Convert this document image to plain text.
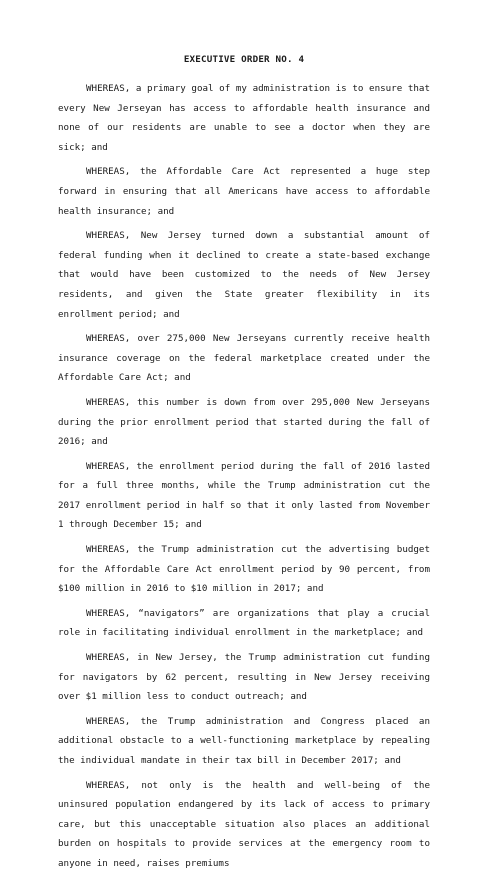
EXECUTIVE ORDER NO. 4

WHEREAS, a primary goal of my administration is to ensure that every New Jerseyan has access to affordable health insurance and none of our residents are unable to see a doctor when they are sick; and

WHEREAS, the Affordable Care Act represented a huge step forward in ensuring that all Americans have access to affordable health insurance; and

WHEREAS, New Jersey turned down a substantial amount of federal funding when it declined to create a state-based exchange that would have been customized to the needs of New Jersey residents, and given the State greater flexibility in its enrollment period; and

WHEREAS, over 275,000 New Jerseyans currently receive health insurance coverage on the federal marketplace created under the Affordable Care Act; and

WHEREAS, this number is down from over 295,000 New Jerseyans during the prior enrollment period that started during the fall of 2016; and

WHEREAS, the enrollment period during the fall of 2016 lasted for a full three months, while the Trump administration cut the 2017 enrollment period in half so that it only lasted from November 1 through December 15; and

WHEREAS, the Trump administration cut the advertising budget for the Affordable Care Act enrollment period by 90 percent, from $100 million in 2016 to $10 million in 2017; and

WHEREAS, “navigators” are organizations that play a crucial role in facilitating individual enrollment in the marketplace; and

WHEREAS, in New Jersey, the Trump administration cut funding for navigators by 62 percent, resulting in New Jersey receiving over $1 million less to conduct outreach; and

WHEREAS, the Trump administration and Congress placed an additional obstacle to a well-functioning marketplace by repealing the individual mandate in their tax bill in December 2017; and

WHEREAS, not only is the health and well-being of the uninsured population endangered by its lack of access to primary care, but this unacceptable situation also places an additional burden on hospitals to provide services at the emergency room to anyone in need, raises premiums
